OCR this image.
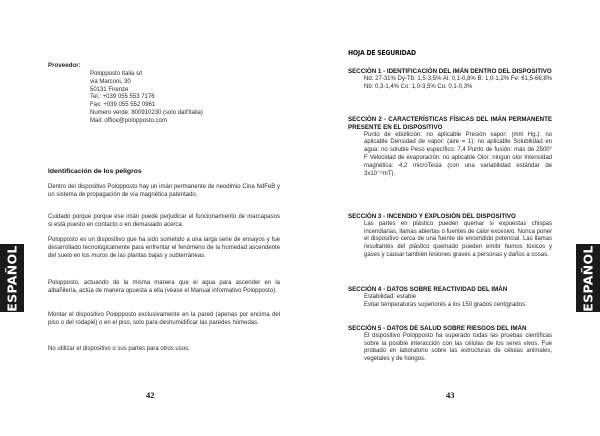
ESPAÑOL
Proveedor:
Polopposto Italia srl
via Marconi, 30
50131 Firenze
Tel.: +039 055 553 7176
Fax: +039 055 552 0961
Numero verde: 800910230 (solo dall'Italia)
Mail: office@polopposto.com
Identificación de los peligros

Dentro del dispositivo Polopposto hay un imán permanente de neodimio Cina NdFeB y un sistema de propagación de vía magnética patentado.

Cuidado porque porque ese imán puede perjudicar el funcionamiento de marcapasos si está puesto en contacto o en demasiado acerca.

Polopposto es un dispositivo que ha sido sometido a una larga serie de ensayos y fue desarrollado tecnológicamente para enfrentar el fenómeno de la humedad ascendente del suelo en los muros de las plantas bajas y subterráneas.

Polopposto, actuando de la misma manera que el agua para ascender en la albañilería, actúa de manera opuesta a ella (véase el Manual informativo Polopposto).

Montar el dispositivo Polopposto exclusivamente en la pared (apenas por encima del piso o del rodapié) o en el piso, solo para deshumidificar las paredes húmedas.

No utilizar el dispositivo o sus partes para otros usos.

42
ESPAÑOL
HOJA DE SEGURIDAD
SECCIÓN 1 - IDENTIFICACIÓN DEL IMÁN DENTRO DEL DISPOSITIVO
Nd: 27-31% Dy-Tb: 1,5-3,5% Al: 0,1-0,8% B: 1,0-1,2% Fe: 61,5-66,8% Nb: 0,3-1,4% Co: 1,0-3,5% Cu: 0,1-0,3%
SECCIÓN 2 - CARACTERÍSTICAS FÍSICAS DEL IMÁN PERMANENTE PRESENTE EN EL DISPOSITIVO
Punto de ebullición: no aplicable Presión vapor: (mm Hg.): no aplicable Densidad de vapor: (aire = 1): no aplicable Solubilidad en agua: no soluble Peso específico: 7,4 Punto de fusión: más de 2500° F Velocidad de evaporación: no aplicable Olor: ningun olor Intensidad magnética: 4,2 microTesla (con una variabilidad estándar de 3x10⁻⁹mT).
SECCIÓN 3 - INCENDIO Y EXPLOSIÓN DEL DISPOSITIVO
Las partes en plástico pueden quemar si expuestas chispas incendiarias, llamas abiertas o fuentes de calor excesivo. Nunca poner el dispositivo cerca de una fuente de encendido potencial. Las llamas resultantes del plástico quemado pueden emitir humos tóxicos y gases y causar también lesiones graves a personas y daños a cosas.
SECCIÓN 4 - DATOS SOBRE REACTIVIDAD DEL IMÁN
Estabilidad: estable
Evitar temperaturas superiores a los 150 grados centígrados.
SECCIÓN 5 - DATOS DE SALUD SOBRE RIESGOS DEL IMÁN
El dispositivo Polopposto ha superado todas las pruebas científicas sobre la posible interacción con las células de los seres vivos. Fue probado en laboratorio sobre las estructuras de células animales, vegetales y de hongos.
43
